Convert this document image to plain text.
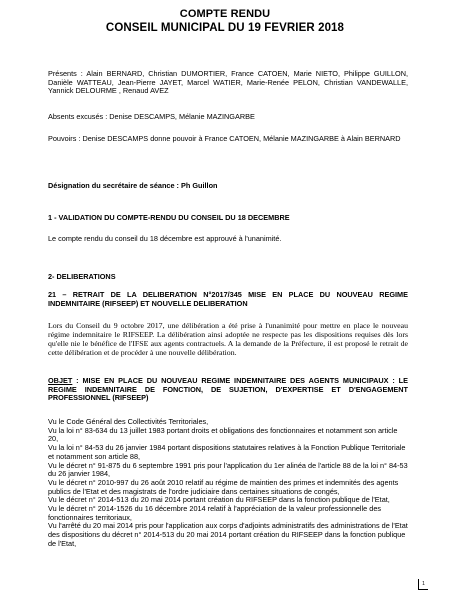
COMPTE RENDU
CONSEIL MUNICIPAL DU 19 FEVRIER 2018
Présents : Alain BERNARD, Christian DUMORTIER, France CATOEN, Marie NIETO, Philippe GUILLON, Danièle WATTEAU, Jean-Pierre JAYET, Marcel WATIER, Marie-Renée PELON, Christian VANDEWALLE, Yannick DELOURME , Renaud AVEZ
Absents excusés : Denise DESCAMPS, Mélanie MAZINGARBE
Pouvoirs : Denise DESCAMPS donne pouvoir à France CATOEN, Mélanie MAZINGARBE à Alain BERNARD
Désignation du secrétaire de séance : Ph Guillon
1 - VALIDATION DU COMPTE-RENDU DU CONSEIL DU 18 DECEMBRE
Le compte rendu du conseil du 18 décembre est approuvé à l'unanimité.
2- DELIBERATIONS
21 – RETRAIT DE LA DELIBERATION N°2017/345 MISE EN PLACE DU NOUVEAU REGIME INDEMNITAIRE (RIFSEEP) ET NOUVELLE DELIBERATION
Lors du Conseil du 9 octobre 2017, une délibération a été prise à l'unanimité pour mettre en place le nouveau régime indemnitaire le RIFSEEP. La délibération ainsi adoptée ne respecte pas les dispositions requises dès lors qu'elle nie le bénéfice de l'IFSE aux agents contractuels. A la demande de la Préfecture, il est proposé le retrait de cette délibération et de procéder à une nouvelle délibération.
OBJET : MISE EN PLACE DU NOUVEAU REGIME INDEMNITAIRE DES AGENTS MUNICIPAUX : LE REGIME INDEMNITAIRE DE FONCTION, DE SUJETION, D'EXPERTISE ET D'ENGAGEMENT PROFESSIONNEL (RIFSEEP)
Vu le Code Général des Collectivités Territoriales,
Vu la loi n° 83-634 du 13 juillet 1983 portant droits et obligations des fonctionnaires et notamment son article 20,
Vu la loi n° 84-53 du 26 janvier 1984 portant dispositions statutaires relatives à la Fonction Publique Territoriale et notamment son article 88,
Vu le décret n° 91-875 du 6 septembre 1991 pris pour l'application du 1er alinéa de l'article 88 de la loi n° 84-53 du 26 janvier 1984,
Vu le décret n° 2010-997 du 26 août 2010 relatif au régime de maintien des primes et indemnités des agents publics de l'Etat et des magistrats de l'ordre judiciaire dans certaines situations de congés,
Vu le décret n° 2014-513 du 20 mai 2014 portant création du RIFSEEP dans la fonction publique de l'Etat,
Vu le décret n° 2014-1526 du 16 décembre 2014 relatif à l'appréciation de la valeur professionnelle des fonctionnaires territoriaux,
Vu l'arrêté du 20 mai 2014 pris pour l'application aux corps d'adjoints administratifs des administrations de l'Etat des dispositions du décret n° 2014-513 du 20 mai 2014 portant création du RIFSEEP dans la fonction publique de l'Etat,
1
